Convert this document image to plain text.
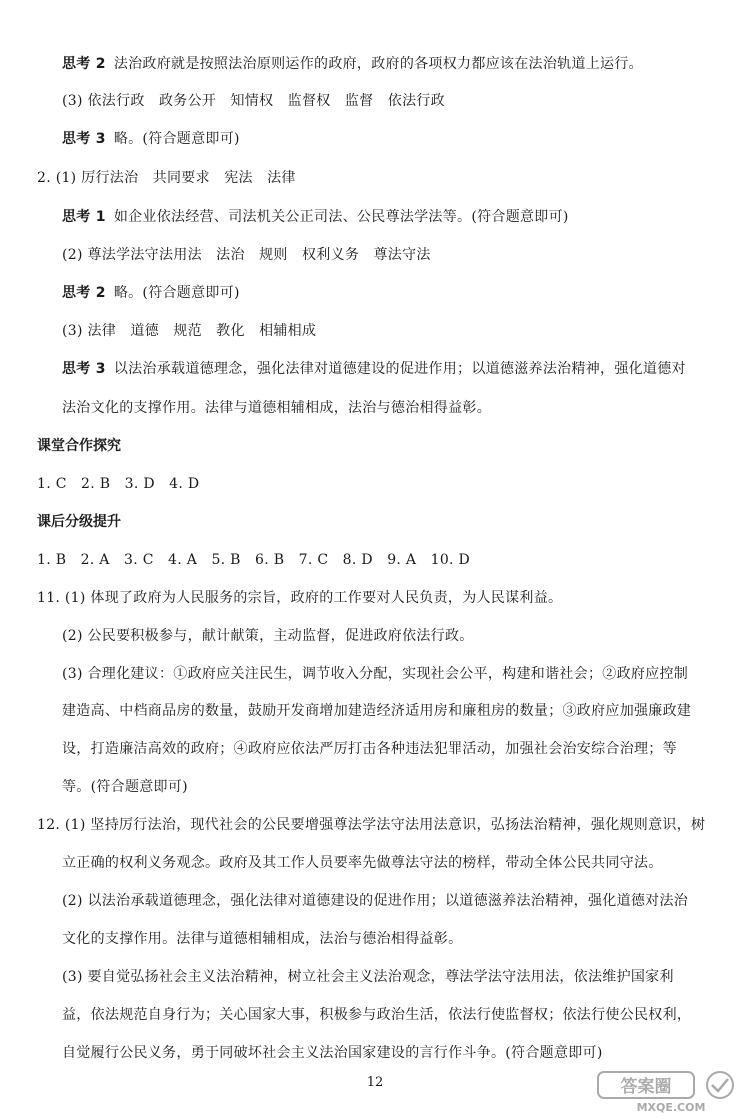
思考 2 法治政府就是按照法治原则运作的政府，政府的各项权力都应该在法治轨道上运行。
(3) 依法行政　政务公开　知情权　监督权　监督　依法行政
思考 3 略。(符合题意即可)
2. (1) 厉行法治　共同要求　宪法　法律
思考 1 如企业依法经营、司法机关公正司法、公民尊法学法等。(符合题意即可)
(2) 尊法学法守法用法　法治　规则　权利义务　尊法守法
思考 2 略。(符合题意即可)
(3) 法律　道德　规范　教化　相辅相成
思考 3 以法治承载道德理念，强化法律对道德建设的促进作用；以道德滋养法治精神，强化道德对
法治文化的支撑作用。法律与道德相辅相成，法治与德治相得益彰。
课堂合作探究
1. C　2. B　3. D　4. D
课后分级提升
1. B　2. A　3. C　4. A　5. B　6. B　7. C　8. D　9. A　10. D
11. (1) 体现了政府为人民服务的宗旨，政府的工作要对人民负责，为人民谋利益。
(2) 公民要积极参与，献计献策，主动监督，促进政府依法行政。
(3) 合理化建议：①政府应关注民生，调节收入分配，实现社会公平，构建和谐社会；②政府应控制
建造高、中档商品房的数量，鼓励开发商增加建造经济适用房和廉租房的数量；③政府应加强廉政建
设，打造廉洁高效的政府；④政府应依法严厉打击各种违法犯罪活动，加强社会治安综合治理；等
等。(符合题意即可)
12. (1) 坚持厉行法治，现代社会的公民要增强尊法学法守法用法意识，弘扬法治精神，强化规则意识，树
立正确的权利义务观念。政府及其工作人员要率先做尊法守法的榜样，带动全体公民共同守法。
(2) 以法治承载道德理念，强化法律对道德建设的促进作用；以道德滋养法治精神，强化道德对法治
文化的支撑作用。法律与道德相辅相成，法治与德治相得益彰。
(3) 要自觉弘扬社会主义法治精神，树立社会主义法治观念，尊法学法守法用法，依法维护国家利
益，依法规范自身行为；关心国家大事，积极参与政治生活，依法行使监督权；依法行使公民权利，
自觉履行公民义务，勇于同破坏社会主义法治国家建设的言行作斗争。(符合题意即可)
12	答案圈
MXQE.COM
